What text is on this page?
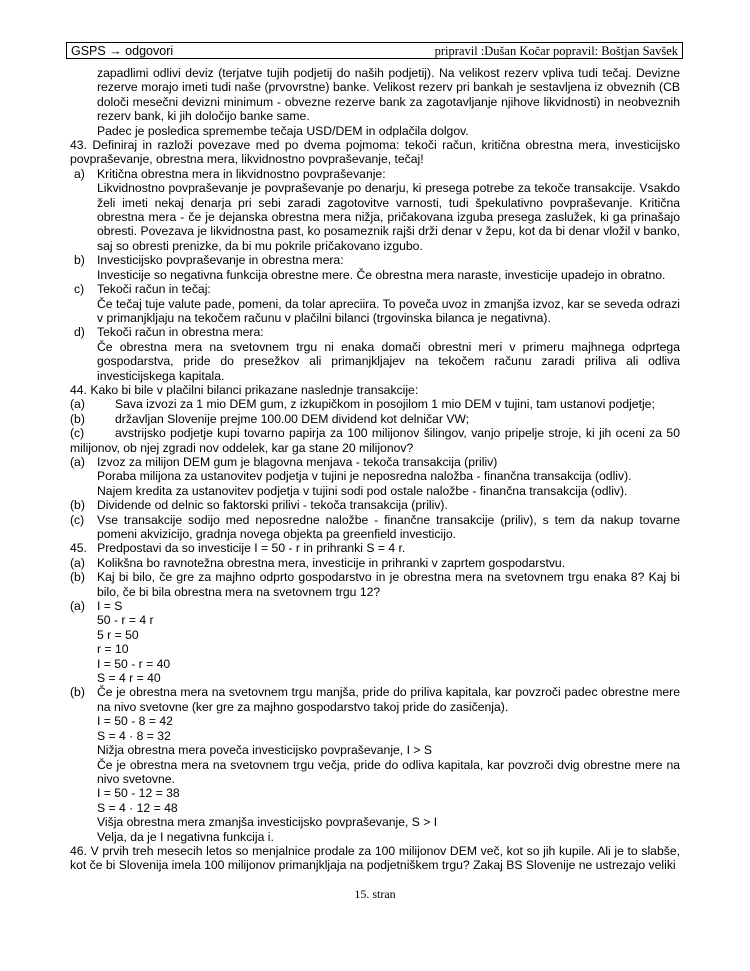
GSPS → odgovori	pripravil :Dušan Kočar popravil: Boštjan Savšek

zapadlimi odlivi deviz (terjatve tujih podjetij do naših podjetij). Na velikost rezerv vpliva tudi tečaj. Devizne rezerve morajo imeti tudi naše (prvovrstne) banke. Velikost rezerv pri bankah je sestavljena iz obveznih (CB določi mesečni devizni minimum - obvezne rezerve bank za zagotavljanje njihove likvidnosti) in neobveznih rezerv bank, ki jih določijo banke same.

Padec je posledica spremembe tečaja USD/DEM in odplačila dolgov.

43. Definiraj in razloži povezave med po dvema pojmoma: tekoči račun, kritična obrestna mera, investicijsko povpraševanje, obrestna mera, likvidnostno povpraševanje, tečaj!

a) Kritična obrestna mera in likvidnostno povpraševanje:

Likvidnostno povpraševanje je povpraševanje po denarju, ki presega potrebe za tekoče transakcije. Vsakdo želi imeti nekaj denarja pri sebi zaradi zagotovitve varnosti, tudi špekulativno povpraševanje. Kritična obrestna mera - če je dejanska obrestna mera nižja, pričakovana izguba presega zaslužek, ki ga prinašajo obresti. Povezava je likvidnostna past, ko posameznik rajši drži denar v žepu, kot da bi denar vložil v banko, saj so obresti prenizke, da bi mu pokrile pričakovano izgubo.

b) Investicijsko povpraševanje in obrestna mera:

Investicije so negativna funkcija obrestne mere. Če obrestna mera naraste, investicije upadejo in obratno.

c)	Tekoči račun in tečaj:

Če tečaj tuje valute pade, pomeni, da tolar apreciira. To poveča uvoz in zmanjša izvoz, kar se seveda odrazi v primanjkljaju na tekočem računu v plačilni bilanci (trgovinska bilanca je negativna).

d) Tekoči račun in obrestna mera:

Če obrestna mera na svetovnem trgu ni enaka domači obrestni meri v primeru majhnega odprtega gospodarstva, pride do presežkov ali primanjkljajev na tekočem računu zaradi priliva ali odliva investicijskega kapitala.

44. Kako bi bile v plačilni bilanci prikazane naslednje transakcije:

(a)	Sava izvozi za 1 mio DEM gum, z izkupičkom in posojilom 1 mio DEM v tujini, tam ustanovi podjetje;
(b)	državljan Slovenije prejme 100.00 DEM dividend kot delničar VW;
(c)	avstrijsko podjetje kupi tovarno papirja za 100 milijonov šilingov, vanjo pripelje stroje, ki jih oceni za 50 milijonov, ob njej zgradi nov oddelek, kar ga stane 20 milijonov?
(a) Izvoz za milijon DEM gum je blagovna menjava - tekoča transakcija (priliv)

Poraba milijona za ustanovitev podjetja v tujini je neposredna naložba - finančna transakcija (odliv).

Najem kredita za ustanovitev podjetja v tujini sodi pod ostale naložbe - finančna transakcija (odliv).

(b) Dividende od delnic so faktorski prilivi - tekoča transakcija (priliv).
(c)	Vse transakcije sodijo med neposredne naložbe - finančne transakcije (priliv), s tem da nakup tovarne pomeni akvizicijo, gradnja novega objekta pa greenfield investicijo.

45.   Predpostavi da so investicije I = 50 - r in prihranki S = 4 r.

(a) Kolikšna bo ravnotežna obrestna mera, investicije in prihranki v zaprtem gospodarstvu.
(b) Kaj bi bilo, če gre za majhno odprto gospodarstvo in je obrestna mera na svetovnem trgu enaka 8? Kaj bi bilo, če bi bila obrestna mera na svetovnem trgu 12?
(a) I = S

50 - r = 4 r

5 r = 50

r = 10

I = 50 - r = 40

S = 4 r = 40

(b) Če je obrestna mera na svetovnem trgu manjša, pride do priliva kapitala, kar povzroči padec obrestne mere na nivo svetovne (ker gre za majhno gospodarstvo takoj pride do zasičenja).

I = 50 - 8 = 42

S = 4 · 8 = 32

Nižja obrestna mera poveča investicijsko povpraševanje, I > S

Če je obrestna mera na svetovnem trgu večja, pride do odliva kapitala, kar povzroči dvig obrestne mere na nivo svetovne.

I = 50 - 12 = 38

S = 4 · 12 = 48

Višja obrestna mera zmanjša investicijsko povpraševanje, S > I

Velja, da je I negativna funkcija i.

46. V prvih treh mesecih letos so menjalnice prodale za 100 milijonov DEM več, kot so jih kupile. Ali je to slabše, kot če bi Slovenija imela 100 milijonov primanjkljaja na podjetniškem trgu? Zakaj BS Slovenije ne ustrezajo veliki

15. stran
